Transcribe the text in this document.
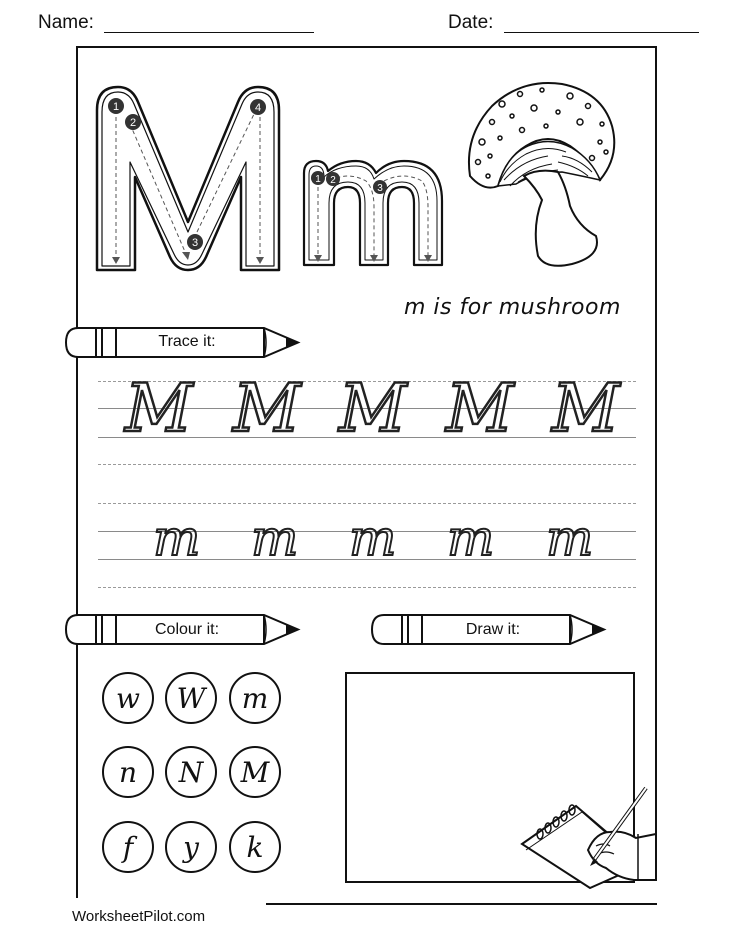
Name:	Date:
1
2
3
4
1 2
3
m is for mushroom
Trace it:
M M M M M
m m m m m
Colour it:	Draw it:
w	W	m
n	N	M
f	y	k
WorksheetPilot.com
